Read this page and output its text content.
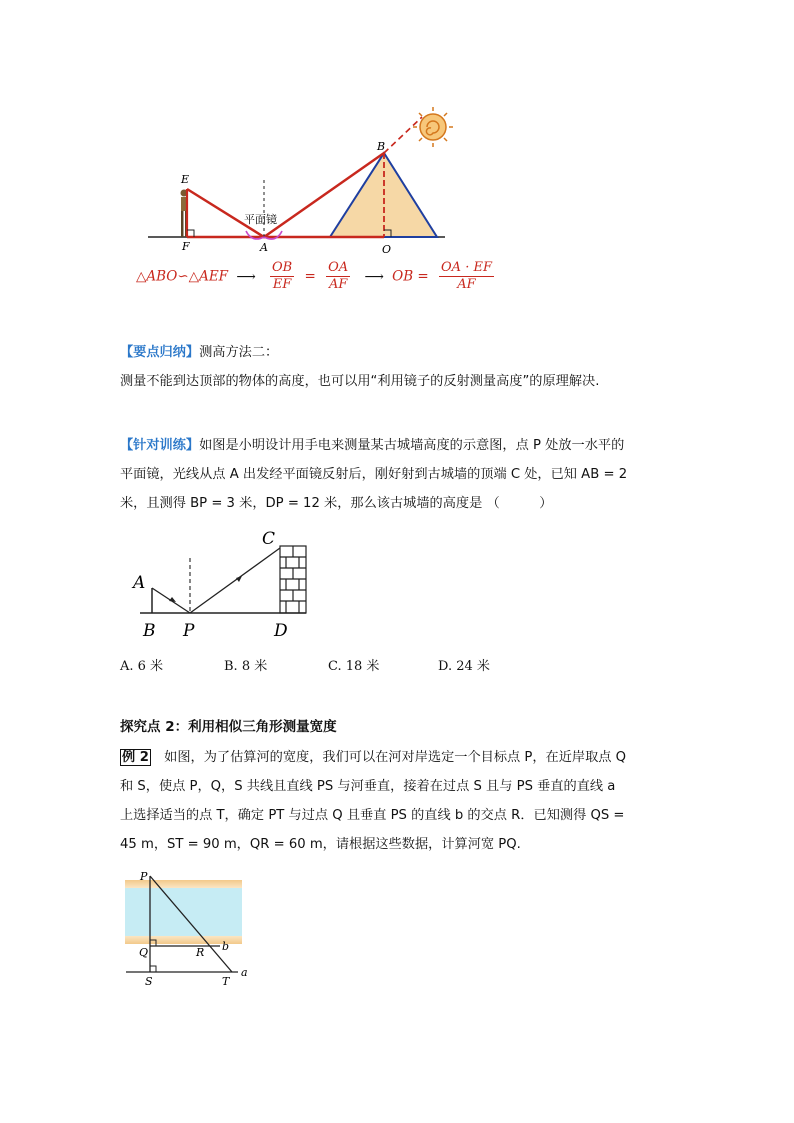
E
F	A
B
O
平面镜
△ABO∽△AEF ⟶ $\frac{OB}{EF} = \frac{OA}{AF}$ ⟶ OB = $\frac{OA \cdot EF}{AF}$
【要点归纳】测高方法二：
测量不能到达顶部的物体的高度，也可以用“利用镜子的反射测量高度”的原理解决.
【针对训练】如图是小明设计用手电来测量某古城墙高度的示意图，点 P 处放一水平的
平面镜，光线从点 A 出发经平面镜反射后，刚好射到古城墙的顶端 C 处，已知 AB = 2
米，且测得 BP = 3 米，DP = 12 米，那么该古城墙的高度是 （　　　）
A
B P
C
D
A. 6 米	B. 8 米	C. 18 米	D. 24 米
探究点 2：利用相似三角形测量宽度
例 2　如图，为了估算河的宽度，我们可以在河对岸选定一个目标点 P，在近岸取点 Q
和 S，使点 P，Q，S 共线且直线 PS 与河垂直，接着在过点 S 且与 PS 垂直的直线 a
上选择适当的点 T，确定 PT 与过点 Q 且垂直 PS 的直线 b 的交点 R．已知测得 QS =
45 m，ST = 90 m，QR = 60 m，请根据这些数据，计算河宽 PQ.
P
Q	R b
S	T
a
